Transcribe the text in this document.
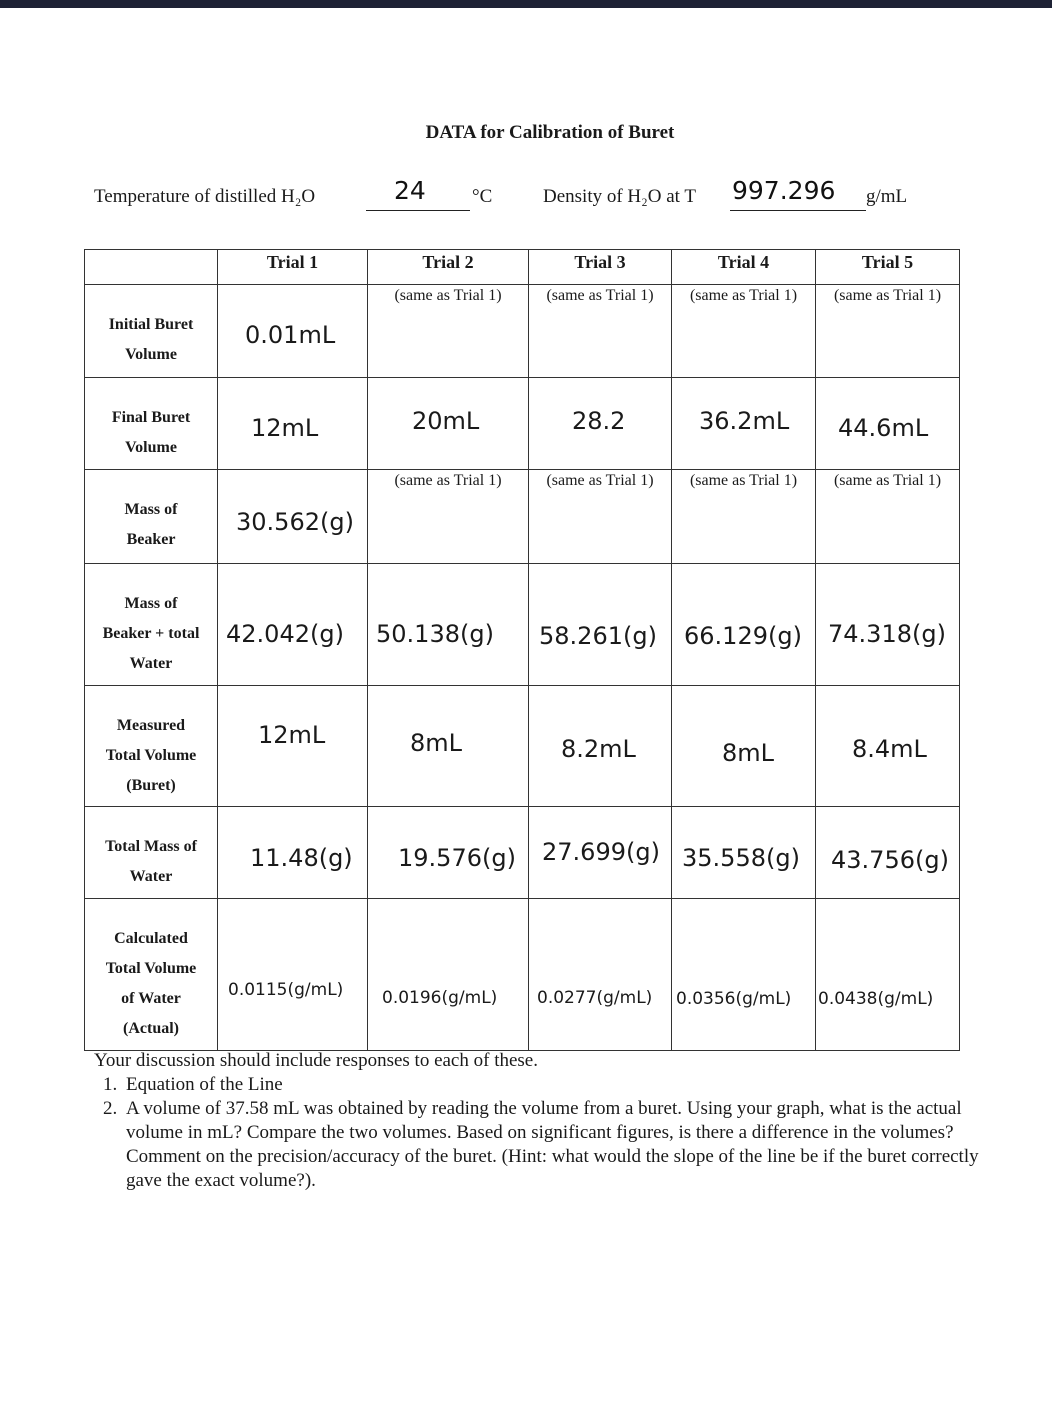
DATA for Calibration of Buret
Temperature of distilled H₂O	24 °C	Density of H₂O at T 997.296 g/mL

	Trial 1	Trial 2	Trial 3	Trial 4	Trial 5

Initial Buret
Volume	0.01mL	(same as Trial 1)	(same as Trial 1)	(same as Trial 1)	(same as Trial 1)

Final Buret
Volume	12mL	20mL	28.2	36.2mL	44.6mL

Mass of
Beaker	30.562(g)	(same as Trial 1)	(same as Trial 1)	(same as Trial 1)	(same as Trial 1)

Mass of
Beaker + total
Water	42.042(g)	50.138(g)	58.261(g)	66.129(g)	74.318(g)

Measured
Total Volume
(Buret)	12mL	8mL	8.2mL	8mL	8.4mL

Total Mass of
Water	11.48(g)	19.576(g)	27.699(g)	35.558(g)	43.756(g)

Calculated
Total Volume
of Water
(Actual)	0.0115(g/mL)	0.0196(g/mL)	0.0277(g/mL)	0.0356(g/mL)	0.0438(g/mL)
Your discussion should include responses to each of these.
1. Equation of the Line
2. A volume of 37.58 mL was obtained by reading the volume from a buret. Using your graph, what is the actual volume in mL? Compare the two volumes. Based on significant figures, is there a difference in the volumes? Comment on the precision/accuracy of the buret. (Hint: what would the slope of the line be if the buret correctly gave the exact volume?).
